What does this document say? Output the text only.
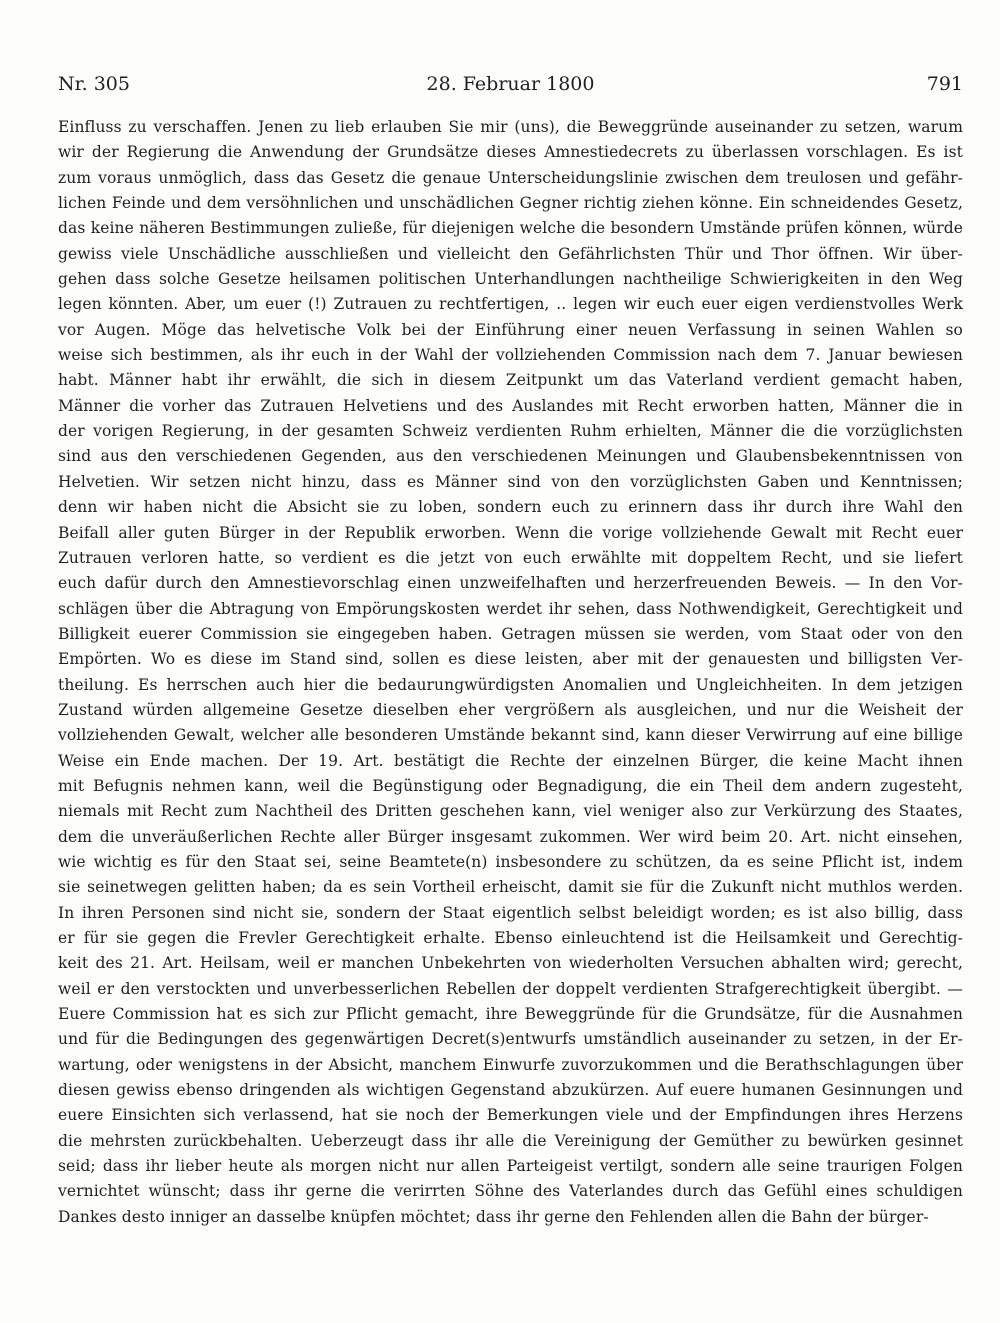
28. Februar 1800
Nr. 305	791
Einfluss zu verschaffen. Jenen zu lieb erlauben Sie mir (uns), die Beweggründe auseinander zu setzen, warum
wir der Regierung die Anwendung der Grundsätze dieses Amnestiedecrets zu überlassen vorschlagen. Es ist
zum voraus unmöglich, dass das Gesetz die genaue Unterscheidungslinie zwischen dem treulosen und gefähr-
lichen Feinde und dem versöhnlichen und unschädlichen Gegner richtig ziehen könne. Ein schneidendes Gesetz,
das keine näheren Bestimmungen zuließe, für diejenigen welche die besondern Umstände prüfen können, würde
gewiss viele Unschädliche ausschließen und vielleicht den Gefährlichsten Thür und Thor öffnen. Wir über-
gehen dass solche Gesetze heilsamen politischen Unterhandlungen nachtheilige Schwierigkeiten in den Weg
legen könnten. Aber, um euer (!) Zutrauen zu rechtfertigen, .. legen wir euch euer eigen verdienstvolles Werk
vor Augen. Möge das helvetische Volk bei der Einführung einer neuen Verfassung in seinen Wahlen so
weise sich bestimmen, als ihr euch in der Wahl der vollziehenden Commission nach dem 7. Januar bewiesen
habt. Männer habt ihr erwählt, die sich in diesem Zeitpunkt um das Vaterland verdient gemacht haben,
Männer die vorher das Zutrauen Helvetiens und des Auslandes mit Recht erworben hatten, Männer die in
der vorigen Regierung, in der gesamten Schweiz verdienten Ruhm erhielten, Männer die die vorzüglichsten
sind aus den verschiedenen Gegenden, aus den verschiedenen Meinungen und Glaubensbekenntnissen von
Helvetien. Wir setzen nicht hinzu, dass es Männer sind von den vorzüglichsten Gaben und Kenntnissen;
denn wir haben nicht die Absicht sie zu loben, sondern euch zu erinnern dass ihr durch ihre Wahl den
Beifall aller guten Bürger in der Republik erworben. Wenn die vorige vollziehende Gewalt mit Recht euer
Zutrauen verloren hatte, so verdient es die jetzt von euch erwählte mit doppeltem Recht, und sie liefert
euch dafür durch den Amnestievorschlag einen unzweifelhaften und herzerfreuenden Beweis. — In den Vor-
schlägen über die Abtragung von Empörungskosten werdet ihr sehen, dass Nothwendigkeit, Gerechtigkeit und
Billigkeit euerer Commission sie eingegeben haben. Getragen müssen sie werden, vom Staat oder von den
Empörten. Wo es diese im Stand sind, sollen es diese leisten, aber mit der genauesten und billigsten Ver-
theilung. Es herrschen auch hier die bedaurungwürdigsten Anomalien und Ungleichheiten. In dem jetzigen
Zustand würden allgemeine Gesetze dieselben eher vergrößern als ausgleichen, und nur die Weisheit der
vollziehenden Gewalt, welcher alle besonderen Umstände bekannt sind, kann dieser Verwirrung auf eine billige
Weise ein Ende machen. Der 19. Art. bestätigt die Rechte der einzelnen Bürger, die keine Macht ihnen
mit Befugnis nehmen kann, weil die Begünstigung oder Begnadigung, die ein Theil dem andern zugesteht,
niemals mit Recht zum Nachtheil des Dritten geschehen kann, viel weniger also zur Verkürzung des Staates,
dem die unveräußerlichen Rechte aller Bürger insgesamt zukommen. Wer wird beim 20. Art. nicht einsehen,
wie wichtig es für den Staat sei, seine Beamtete(n) insbesondere zu schützen, da es seine Pflicht ist, indem
sie seinetwegen gelitten haben; da es sein Vortheil erheischt, damit sie für die Zukunft nicht muthlos werden.
In ihren Personen sind nicht sie, sondern der Staat eigentlich selbst beleidigt worden; es ist also billig, dass
er für sie gegen die Frevler Gerechtigkeit erhalte. Ebenso einleuchtend ist die Heilsamkeit und Gerechtig-
keit des 21. Art. Heilsam, weil er manchen Unbekehrten von wiederholten Versuchen abhalten wird; gerecht,
weil er den verstockten und unverbesserlichen Rebellen der doppelt verdienten Strafgerechtigkeit übergibt. —
Euere Commission hat es sich zur Pflicht gemacht, ihre Beweggründe für die Grundsätze, für die Ausnahmen
und für die Bedingungen des gegenwärtigen Decret(s)entwurfs umständlich auseinander zu setzen, in der Er-
wartung, oder wenigstens in der Absicht, manchem Einwurfe zuvorzukommen und die Berathschlagungen über
diesen gewiss ebenso dringenden als wichtigen Gegenstand abzukürzen. Auf euere humanen Gesinnungen und
euere Einsichten sich verlassend, hat sie noch der Bemerkungen viele und der Empfindungen ihres Herzens
die mehrsten zurückbehalten. Ueberzeugt dass ihr alle die Vereinigung der Gemüther zu bewürken gesinnet
seid; dass ihr lieber heute als morgen nicht nur allen Parteigeist vertilgt, sondern alle seine traurigen Folgen
vernichtet wünscht; dass ihr gerne die verirrten Söhne des Vaterlandes durch das Gefühl eines schuldigen
Dankes desto inniger an dasselbe knüpfen möchtet; dass ihr gerne den Fehlenden allen die Bahn der bürger-
